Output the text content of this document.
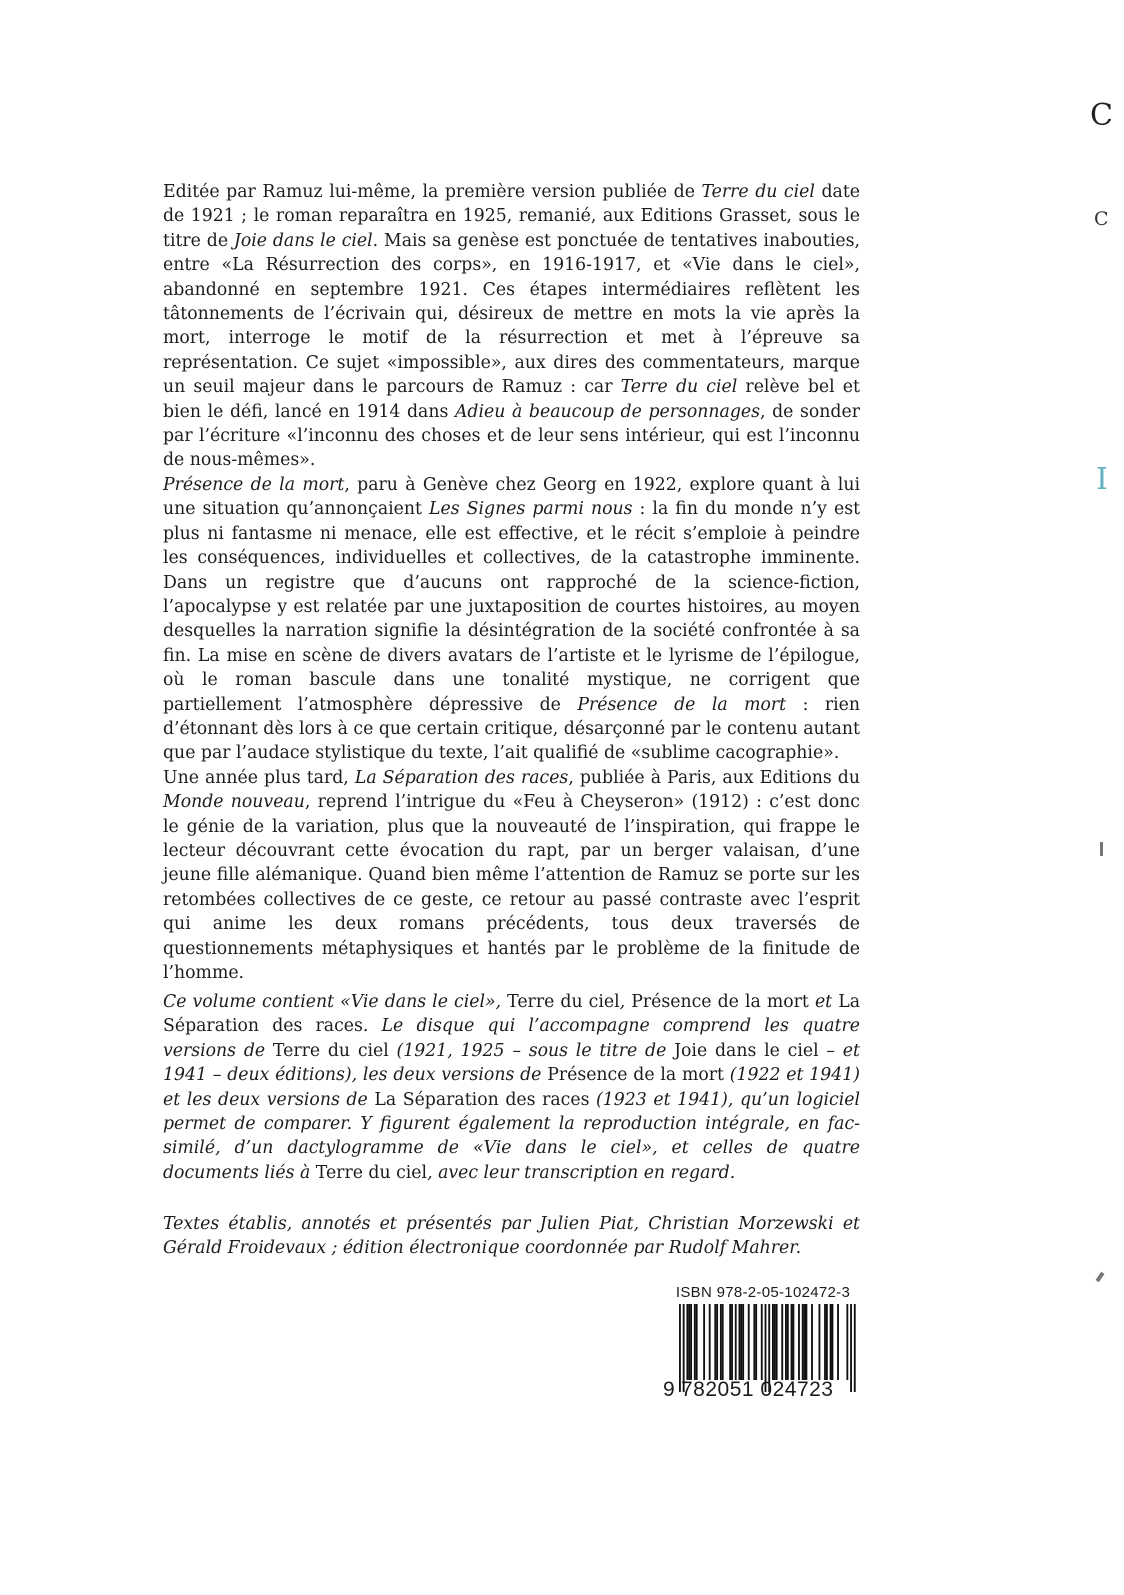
Editée par Ramuz lui-même, la première version publiée de Terre du ciel date de 1921 ; le roman reparaîtra en 1925, remanié, aux Editions Grasset, sous le titre de Joie dans le ciel. Mais sa genèse est ponctuée de tentatives inabouties, entre «La Résurrection des corps», en 1916-1917, et «Vie dans le ciel», abandonné en septembre 1921. Ces étapes intermédiaires reflètent les tâtonnements de l’écrivain qui, désireux de mettre en mots la vie après la mort, interroge le motif de la résurrection et met à l’épreuve sa représentation. Ce sujet «impossible», aux dires des commentateurs, marque un seuil majeur dans le parcours de Ramuz : car Terre du ciel relève bel et bien le défi, lancé en 1914 dans Adieu à beaucoup de personnages, de sonder par l’écriture «l’inconnu des choses et de leur sens intérieur, qui est l’inconnu de nous-mêmes».

Présence de la mort, paru à Genève chez Georg en 1922, explore quant à lui une situation qu’annonçaient Les Signes parmi nous : la fin du monde n’y est plus ni fantasme ni menace, elle est effective, et le récit s’emploie à peindre les conséquences, individuelles et collectives, de la catastrophe imminente. Dans un registre que d’aucuns ont rapproché de la science-fiction, l’apocalypse y est relatée par une juxtaposition de courtes histoires, au moyen desquelles la narration signifie la désintégration de la société confrontée à sa fin. La mise en scène de divers avatars de l’artiste et le lyrisme de l’épilogue, où le roman bascule dans une tonalité mystique, ne corrigent que partiellement l’atmosphère dépressive de Présence de la mort : rien d’étonnant dès lors à ce que certain critique, désarçonné par le contenu autant que par l’audace stylistique du texte, l’ait qualifié de «sublime cacographie».

Une année plus tard, La Séparation des races, publiée à Paris, aux Editions du Monde nouveau, reprend l’intrigue du «Feu à Cheyseron» (1912) : c’est donc le génie de la variation, plus que la nouveauté de l’inspiration, qui frappe le lecteur découvrant cette évocation du rapt, par un berger valaisan, d’une jeune fille alémanique. Quand bien même l’attention de Ramuz se porte sur les retombées collectives de ce geste, ce retour au passé contraste avec l’esprit qui anime les deux romans précédents, tous deux traversés de questionnements métaphysiques et hantés par le problème de la finitude de l’homme.

Ce volume contient «Vie dans le ciel», Terre du ciel, Présence de la mort et La Séparation des races. Le disque qui l’accompagne comprend les quatre versions de Terre du ciel (1921, 1925 – sous le titre de Joie dans le ciel – et 1941 – deux éditions), les deux versions de Présence de la mort (1922 et 1941) et les deux versions de La Séparation des races (1923 et 1941), qu’un logiciel permet de comparer. Y figurent également la reproduction intégrale, en fac-similé, d’un dactylogramme de «Vie dans le ciel», et celles de quatre documents liés à Terre du ciel, avec leur transcription en regard.

Textes établis, annotés et présentés par Julien Piat, Christian Morzewski et Gérald Froidevaux ; édition électronique coordonnée par Rudolf Mahrer.

ISBN 978-2-05-102472-3
9 782051 024723
C
C
I
